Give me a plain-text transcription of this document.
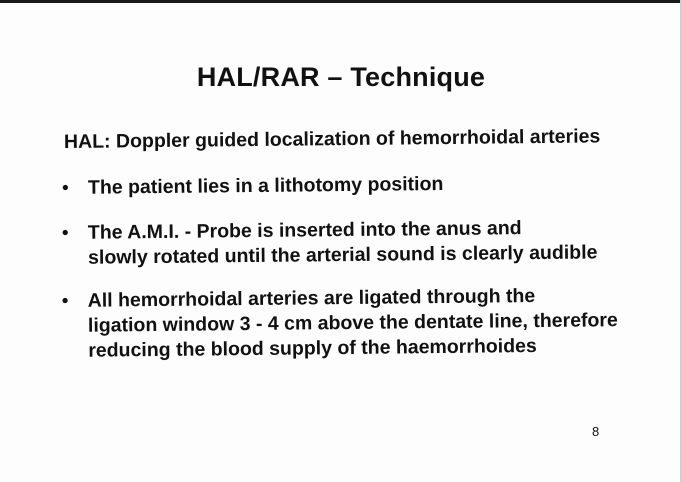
HAL/RAR – Technique

HAL: Doppler guided localization of hemorrhoidal arteries

• The patient lies in a lithotomy position
• The A.M.I. - Probe is inserted into the anus and
slowly rotated until the arterial sound is clearly audible
• All hemorrhoidal arteries are ligated through the
ligation window 3 - 4 cm above the dentate line, therefore
reducing the blood supply of the haemorrhoides

8
